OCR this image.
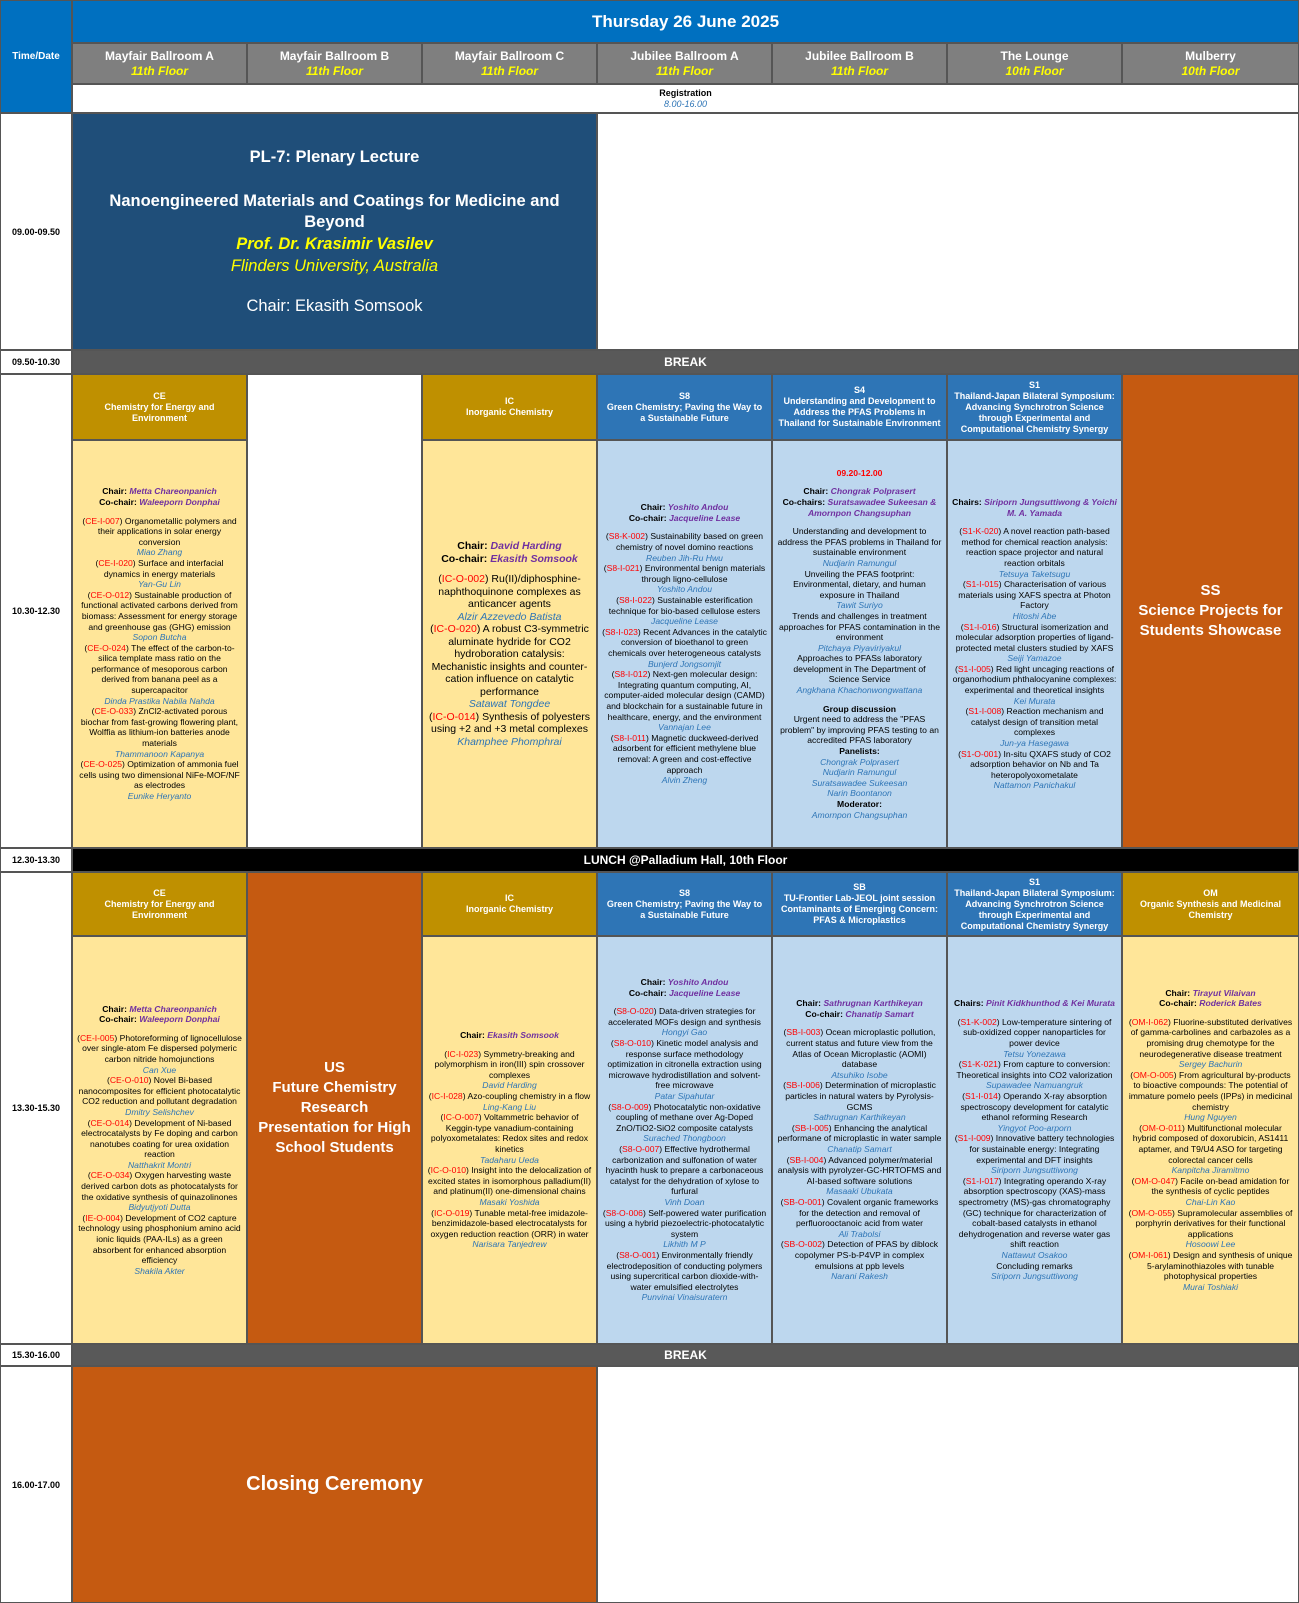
Time/Date
Thursday 26 June 2025
Mayfair Ballroom A
11th Floor
Mayfair Ballroom B
11th Floor
Mayfair Ballroom C
11th Floor
Jubilee Ballroom A
11th Floor
Jubilee Ballroom B
11th Floor
The Lounge
10th Floor
Mulberry
10th Floor
Registration
8.00-16.00
09.00-09.50
09.50-10.30
10.30-12.30
12.30-13.30
13.30-15.30
15.30-16.00
16.00-17.00
PL-7: Plenary Lecture
Nanoengineered Materials and Coatings for Medicine and Beyond
Prof. Dr. Krasimir Vasilev
Flinders University, Australia
Chair: Ekasith Somsook
BREAK
CE
Chemistry for Energy and Environment
IC
Inorganic Chemistry
S8
Green Chemistry; Paving the Way to a Sustainable Future
S4
Understanding and Development to Address the PFAS Problems in Thailand for Sustainable Environment
S1
Thailand-Japan Bilateral Symposium: Advancing Synchrotron Science through Experimental and Computational Chemistry Synergy
SS
Science Projects for Students Showcase

Chair: Metta Chareonpanich

Co-chair: Waleeporn Donphai

(CE-I-007) Organometallic polymers and their applications in solar energy conversion

Miao Zhang

(CE-I-020) Surface and interfacial dynamics in energy materials

Yan-Gu Lin

(CE-O-012) Sustainable production of functional activated carbons derived from biomass: Assessment for energy storage and greenhouse gas (GHG) emission

Sopon Butcha

(CE-O-024) The effect of the carbon-to-silica template mass ratio on the performance of mesoporous carbon derived from banana peel as a supercapacitor

Dinda Prastika Nabila Nahda

(CE-O-033) ZnCl2-activated porous biochar from fast-growing flowering plant, Wolffia as lithium-ion batteries anode materials

Thammanoon Kapanya

(CE-O-025) Optimization of ammonia fuel cells using two dimensional NiFe-MOF/NF as electrodes

Eunike Heryanto

Chair: David Harding

Co-chair: Ekasith Somsook

(IC-O-002) Ru(II)/diphosphine-naphthoquinone complexes as anticancer agents

Alzir Azzevedo Batista

(IC-O-020) A robust C3-symmetric aluminate hydride for CO2 hydroboration catalysis: Mechanistic insights and counter-cation influence on catalytic performance

Satawat Tongdee

(IC-O-014) Synthesis of polyesters using +2 and +3 metal complexes

Khamphee Phomphrai

Chair: Yoshito Andou

Co-chair: Jacqueline Lease

(S8-K-002) Sustainability based on green chemistry of novel domino reactions

Reuben Jih-Ru Hwu

(S8-I-021) Environmental benign materials through ligno-cellulose

Yoshito Andou

(S8-I-022) Sustainable esterification technique for bio-based cellulose esters

Jacqueline Lease

(S8-I-023) Recent Advances in the catalytic conversion of bioethanol to green chemicals over heterogeneous catalysts

Bunjerd Jongsomjit

(S8-I-012) Next-gen molecular design: Integrating quantum computing, AI, computer-aided molecular design (CAMD) and blockchain for a sustainable future in healthcare, energy, and the environment

Vannajan Lee

(S8-I-011) Magnetic duckweed-derived adsorbent for efficient methylene blue removal: A green and cost-effective approach

Alvin Zheng

09.20-12.00

Chair: Chongrak Polprasert

Co-chairs: Suratsawadee Sukeesan & Amornpon Changsuphan

Understanding and development to address the PFAS problems in Thailand for sustainable environment

Nudjarin Ramungul

Unveiling the PFAS footprint: Environmental, dietary, and human exposure in Thailand

Tawit Suriyo

Trends and challenges in treatment approaches for PFAS contamination in the environment

Pitchaya Piyaviriyakul

Approaches to PFASs laboratory development in The Department of Science Service

Angkhana Khachonwongwattana

Group discussion

Urgent need to address the "PFAS problem" by improving PFAS testing to an accredited PFAS laboratory

Panelists:

Chongrak Polprasert

Nudjarin Ramungul

Suratsawadee Sukeesan

Narin Boontanon

Moderator:

Amornpon Changsuphan

Chairs: Siriporn Jungsuttiwong & Yoichi M. A. Yamada

(S1-K-020) A novel reaction path-based method for chemical reaction analysis: reaction space projector and natural reaction orbitals

Tetsuya Taketsugu

(S1-I-015) Characterisation of various materials using XAFS spectra at Photon Factory

Hitoshi Abe

(S1-I-016) Structural isomerization and molecular adsorption properties of ligand-protected metal clusters studied by XAFS

Seiji Yamazoe

(S1-I-005) Red light uncaging reactions of organorhodium phthalocyanine complexes: experimental and theoretical insights

Kei Murata

(S1-I-008) Reaction mechanism and catalyst design of transition metal complexes

Jun-ya Hasegawa

(S1-O-001) In-situ QXAFS study of CO2 adsorption behavior on Nb and Ta heteropolyoxometalate

Nattamon Panichakul

LUNCH @Palladium Hall, 10th Floor
CE
Chemistry for Energy and Environment
US
Future Chemistry Research Presentation for High School Students
IC
Inorganic Chemistry
S8
Green Chemistry; Paving the Way to a Sustainable Future
SB
TU-Frontier Lab-JEOL joint session Contaminants of Emerging Concern: PFAS & Microplastics
S1
Thailand-Japan Bilateral Symposium: Advancing Synchrotron Science through Experimental and Computational Chemistry Synergy
OM
Organic Synthesis and Medicinal Chemistry

Chair: Metta Chareonpanich

Co-chair: Waleeporn Donphai

(CE-I-005) Photoreforming of lignocellulose over single-atom Fe dispersed polymeric carbon nitride homojunctions

Can Xue

(CE-O-010) Novel Bi-based nanocomposites for efficient photocatalytic CO2 reduction and pollutant degradation

Dmitry Selishchev

(CE-O-014) Development of Ni-based electrocatalysts by Fe doping and carbon nanotubes coating for urea oxidation reaction

Natthakrit Montri

(CE-O-034) Oxygen harvesting waste derived carbon dots as photocatalysts for the oxidative synthesis of quinazolinones

Bidyutjyoti Dutta

(IE-O-004) Development of CO2 capture technology using phosphonium amino acid ionic liquids (PAA-ILs) as a green absorbent for enhanced absorption efficiency

Shakila Akter

Chair: Ekasith Somsook

(IC-I-023) Symmetry-breaking and polymorphism in iron(III) spin crossover complexes

David Harding

(IC-I-028) Azo-coupling chemistry in a flow

Ling-Kang Liu

(IC-O-007) Voltammetric behavior of Keggin-type vanadium-containing polyoxometalates: Redox sites and redox kinetics

Tadaharu Ueda

(IC-O-010) Insight into the delocalization of excited states in isomorphous palladium(II) and platinum(II) one-dimensional chains

Masaki Yoshida

(IC-O-019) Tunable metal-free imidazole-benzimidazole-based electrocatalysts for oxygen reduction reaction (ORR) in water

Narisara Tanjedrew

Chair: Yoshito Andou

Co-chair: Jacqueline Lease

(S8-O-020) Data-driven strategies for accelerated MOFs design and synthesis

Hongyi Gao

(S8-O-010) Kinetic model analysis and response surface methodology optimization in citronella extraction using microwave hydrodistillation and solvent-free microwave

Patar Sipahutar

(S8-O-009) Photocatalytic non-oxidative coupling of methane over Ag-Doped ZnO/TiO2-SiO2 composite catalysts

Surached Thongboon

(S8-O-007) Effective hydrothermal carbonization and sulfonation of water hyacinth husk to prepare a carbonaceous catalyst for the dehydration of xylose to furfural

Vinh Doan

(S8-O-006) Self-powered water purification using a hybrid piezoelectric-photocatalytic system

Likhith M P

(S8-O-001) Environmentally friendly electrodeposition of conducting polymers using supercritical carbon dioxide-with-water emulsified electrolytes

Punvinai Vinaisuratern

Chair: Sathrugnan Karthikeyan

Co-chair: Chanatip Samart

(SB-I-003) Ocean microplastic pollution, current status and future view from the Atlas of Ocean Microplastic (AOMI) database

Atsuhiko Isobe

(SB-I-006) Determination of microplastic particles in natural waters by Pyrolysis-GCMS

Sathrugnan Karthikeyan

(SB-I-005) Enhancing the analytical performane of microplastic in water sample

Chanatip Samart

(SB-I-004) Advanced polymer/material analysis with pyrolyzer-GC-HRTOFMS and AI-based software solutions

Masaaki Ubukata

(SB-O-001) Covalent organic frameworks for the detection and removal of perfluorooctanoic acid from water

Ali Trabolsi

(SB-O-002) Detection of PFAS by diblock copolymer PS-b-P4VP in complex emulsions at ppb levels

Narani Rakesh

Chairs: Pinit Kidkhunthod & Kei Murata

(S1-K-002) Low-temperature sintering of sub-oxidized copper nanoparticles for power device

Tetsu Yonezawa

(S1-K-021) From capture to conversion: Theoretical insights into CO2 valorization

Supawadee Namuangruk

(S1-I-014) Operando X-ray absorption spectroscopy development for catalytic ethanol reforming Research

Yingyot Poo-arporn

(S1-I-009) Innovative battery technologies for sustainable energy: Integrating experimental and DFT insights

Siriporn Jungsuttiwong

(S1-I-017) Integrating operando X-ray absorption spectroscopy (XAS)-mass spectrometry (MS)-gas chromatography (GC) technique for characterization of cobalt-based catalysts in ethanol dehydrogenation and reverse water gas shift reaction

Nattawut Osakoo

Concluding remarks

Siriporn Jungsuttiwong

Chair: Tirayut Vilaivan

Co-chair: Roderick Bates

(OM-I-062) Fluorine-substituted derivatives of gamma-carbolines and carbazoles as a promising drug chemotype for the neurodegenerative disease treatment

Sergey Bachurin

(OM-O-005) From agricultural by-products to bioactive compounds: The potential of immature pomelo peels (IPPs) in medicinal chemistry

Hung Nguyen

(OM-O-011) Multifunctional molecular hybrid composed of doxorubicin, AS1411 aptamer, and T9/U4 ASO for targeting colorectal cancer cells

Kanpitcha Jiramitmo

(OM-O-047) Facile on-bead amidation for the synthesis of cyclic peptides

Chai-Lin Kao

(OM-O-055) Supramolecular assemblies of porphyrin derivatives for their functional applications

Hosoowi Lee

(OM-I-061) Design and synthesis of unique 5-arylaminothiazoles with tunable photophysical properties

Murai Toshiaki

BREAK
Closing Ceremony
